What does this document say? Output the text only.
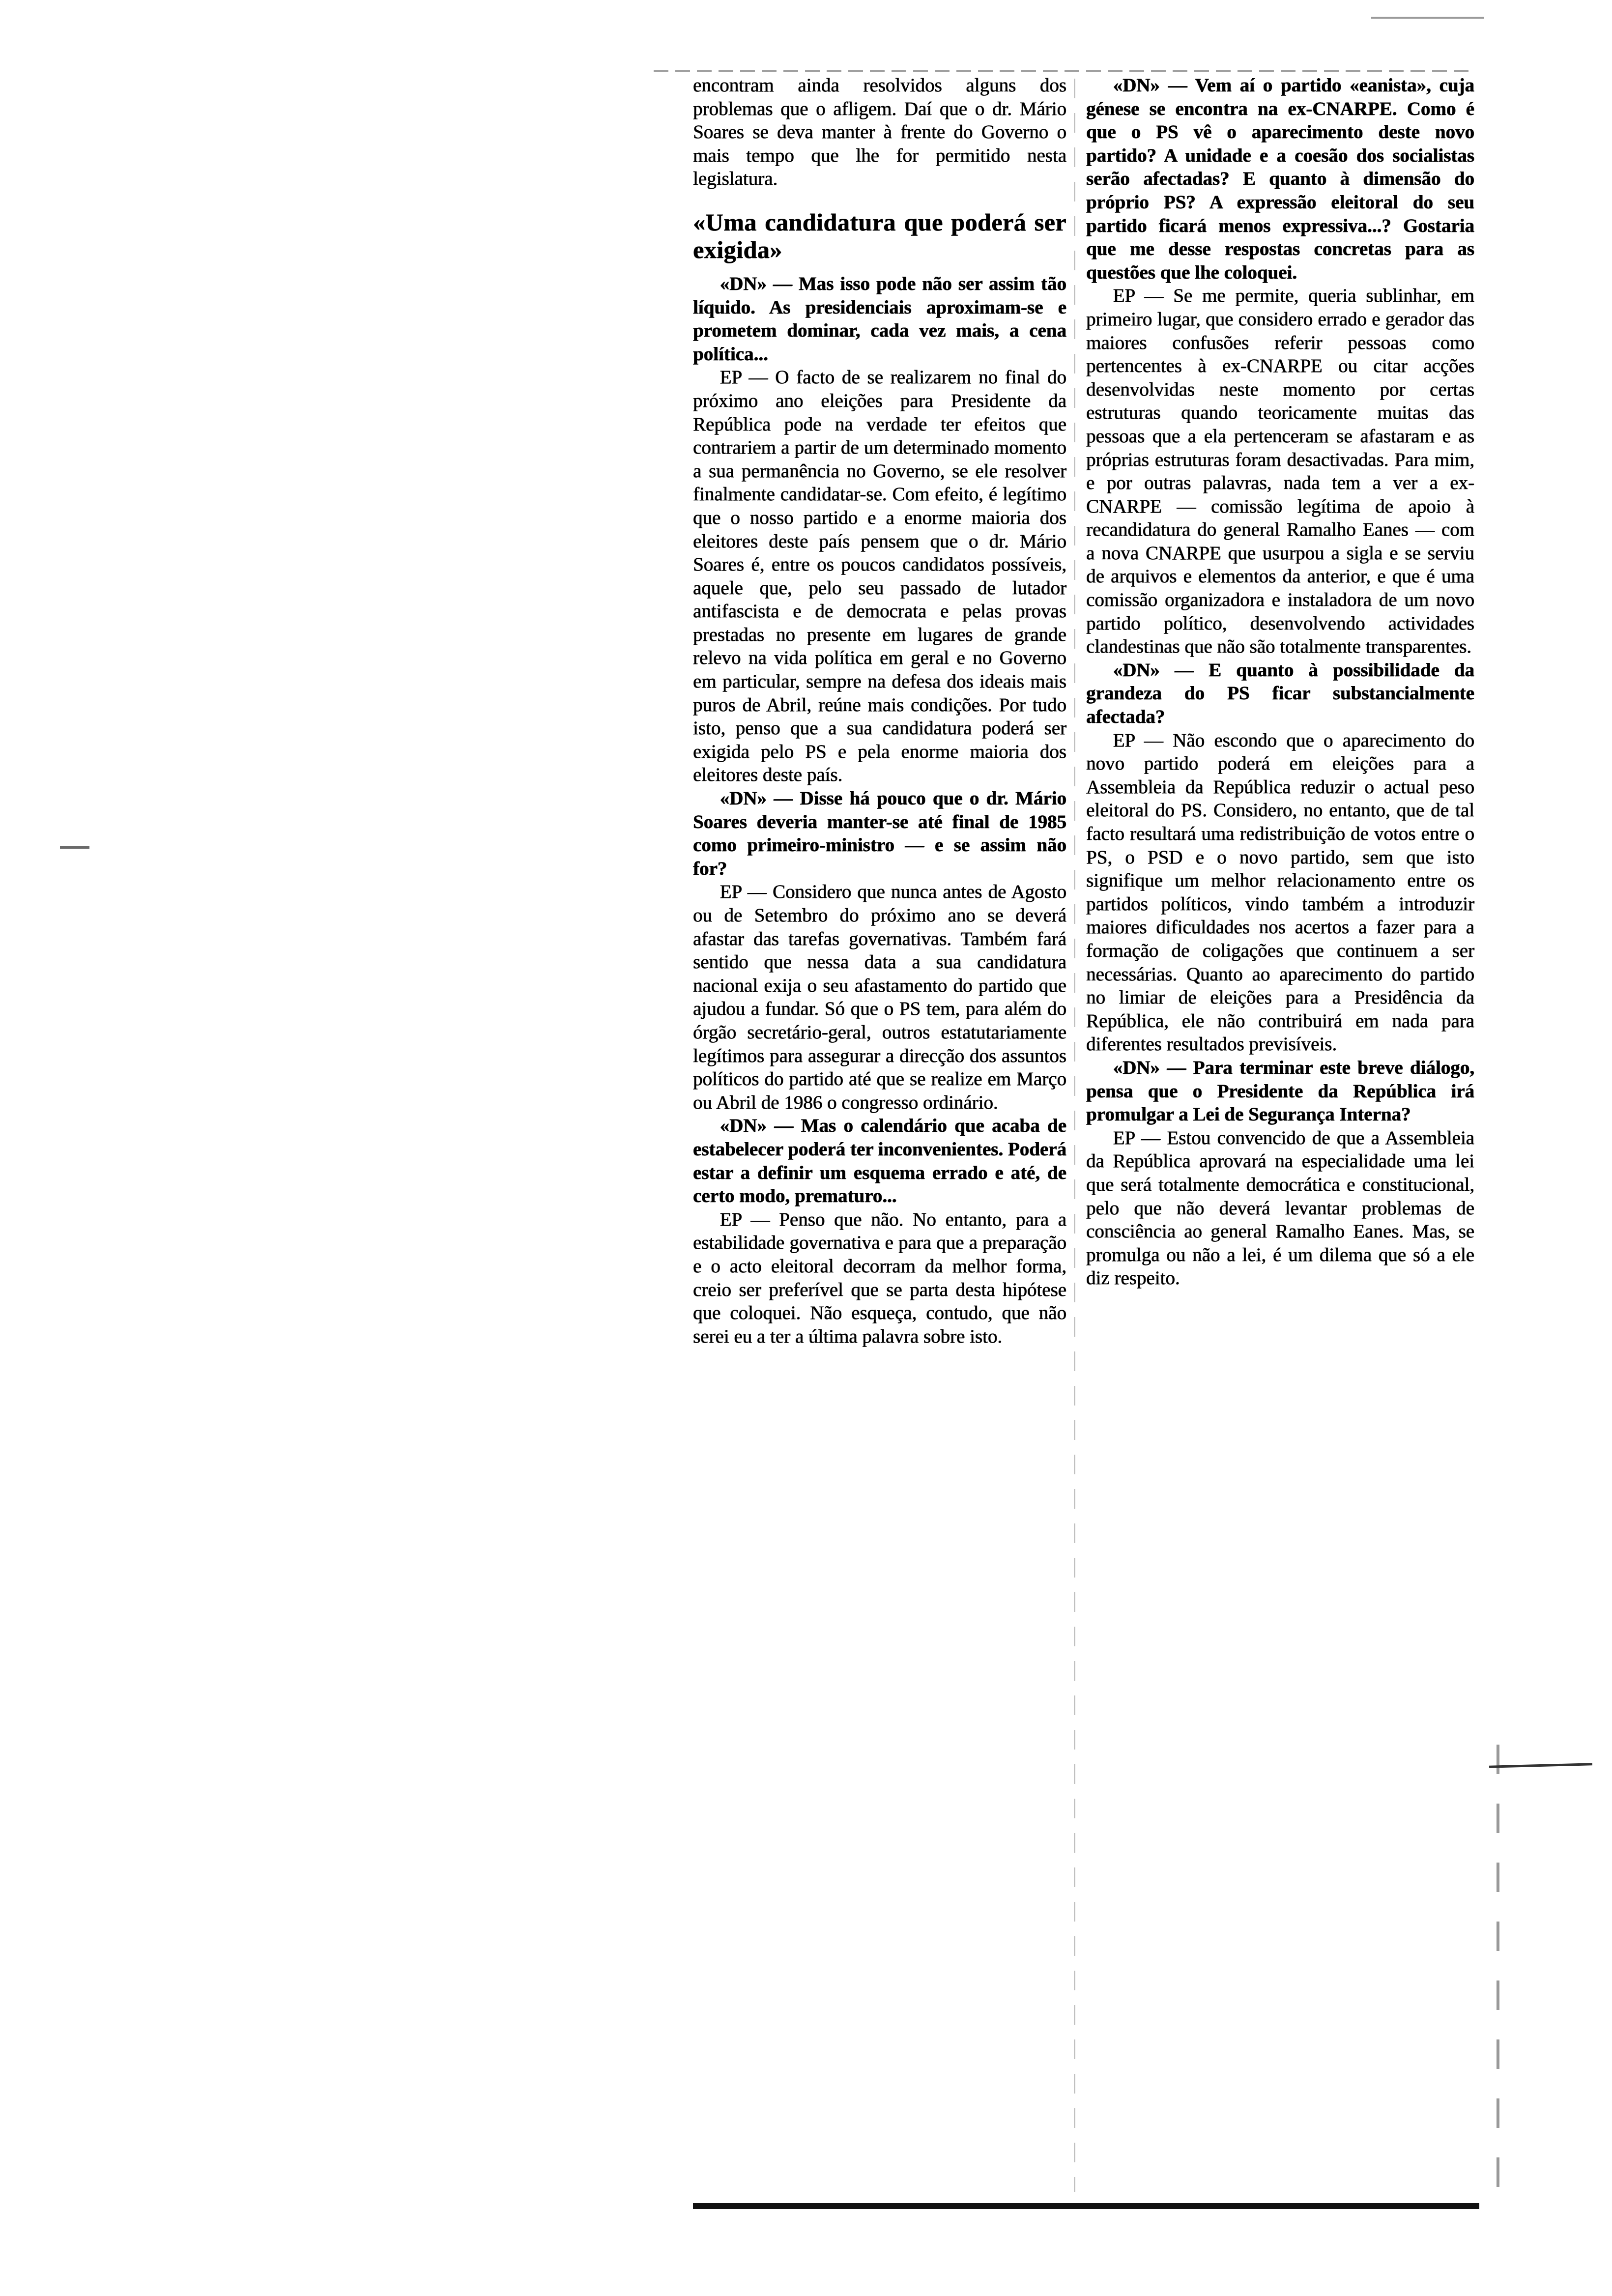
encontram ainda resolvidos alguns dos problemas que o afligem. Daí que o dr. Mário Soares se deva manter à frente do Governo o mais tempo que lhe for permitido nesta legislatura.

«Uma candidatura que poderá ser exigida»

«DN» — Mas isso pode não ser assim tão líquido. As presidenciais aproximam-se e prometem dominar, cada vez mais, a cena política...

EP — O facto de se realizarem no final do próximo ano eleições para Presidente da República pode na verdade ter efeitos que contrariem a partir de um determinado momento a sua permanência no Governo, se ele resolver finalmente candidatar-se. Com efeito, é legítimo que o nosso partido e a enorme maioria dos eleitores deste país pensem que o dr. Mário Soares é, entre os poucos candidatos possíveis, aquele que, pelo seu passado de lutador antifascista e de democrata e pelas provas prestadas no presente em lugares de grande relevo na vida política em geral e no Governo em particular, sempre na defesa dos ideais mais puros de Abril, reúne mais condições. Por tudo isto, penso que a sua candidatura poderá ser exigida pelo PS e pela enorme maioria dos eleitores deste país.

«DN» — Disse há pouco que o dr. Mário Soares deveria manter-se até final de 1985 como primeiro-ministro — e se assim não for?

EP — Considero que nunca antes de Agosto ou de Setembro do próximo ano se deverá afastar das tarefas governativas. Também fará sentido que nessa data a sua candidatura nacional exija o seu afastamento do partido que ajudou a fundar. Só que o PS tem, para além do órgão secretário-geral, outros estatutariamente legítimos para assegurar a direcção dos assuntos políticos do partido até que se realize em Março ou Abril de 1986 o congresso ordinário.

«DN» — Mas o calendário que acaba de estabelecer poderá ter inconvenientes. Poderá estar a definir um esquema errado e até, de certo modo, prematuro...

EP — Penso que não. No entanto, para a estabilidade governativa e para que a preparação e o acto eleitoral decorram da melhor forma, creio ser preferível que se parta desta hipótese que coloquei. Não esqueça, contudo, que não serei eu a ter a última palavra sobre isto.

«DN» — Vem aí o partido «eanista», cuja génese se encontra na ex-CNARPE. Como é que o PS vê o aparecimento deste novo partido? A unidade e a coesão dos socialistas serão afectadas? E quanto à dimensão do próprio PS? A expressão eleitoral do seu partido ficará menos expressiva...? Gostaria que me desse respostas concretas para as questões que lhe coloquei.

EP — Se me permite, queria sublinhar, em primeiro lugar, que considero errado e gerador das maiores confusões referir pessoas como pertencentes à ex-CNARPE ou citar acções desenvolvidas neste momento por certas estruturas quando teoricamente muitas das pessoas que a ela pertenceram se afastaram e as próprias estruturas foram desactivadas. Para mim, e por outras palavras, nada tem a ver a ex-CNARPE — comissão legítima de apoio à recandidatura do general Ramalho Eanes — com a nova CNARPE que usurpou a sigla e se serviu de arquivos e elementos da anterior, e que é uma comissão organizadora e instaladora de um novo partido político, desenvolvendo actividades clandestinas que não são totalmente transparentes.

«DN» — E quanto à possibilidade da grandeza do PS ficar substancialmente afectada?

EP — Não escondo que o aparecimento do novo partido poderá em eleições para a Assembleia da República reduzir o actual peso eleitoral do PS. Considero, no entanto, que de tal facto resultará uma redistribuição de votos entre o PS, o PSD e o novo partido, sem que isto signifique um melhor relacionamento entre os partidos políticos, vindo também a introduzir maiores dificuldades nos acertos a fazer para a formação de coligações que continuem a ser necessárias. Quanto ao aparecimento do partido no limiar de eleições para a Presidência da República, ele não contribuirá em nada para diferentes resultados previsíveis.

«DN» — Para terminar este breve diálogo, pensa que o Presidente da República irá promulgar a Lei de Segurança Interna?

EP — Estou convencido de que a Assembleia da República aprovará na especialidade uma lei que será totalmente democrática e constitucional, pelo que não deverá levantar problemas de consciência ao general Ramalho Eanes. Mas, se promulga ou não a lei, é um dilema que só a ele diz respeito.
